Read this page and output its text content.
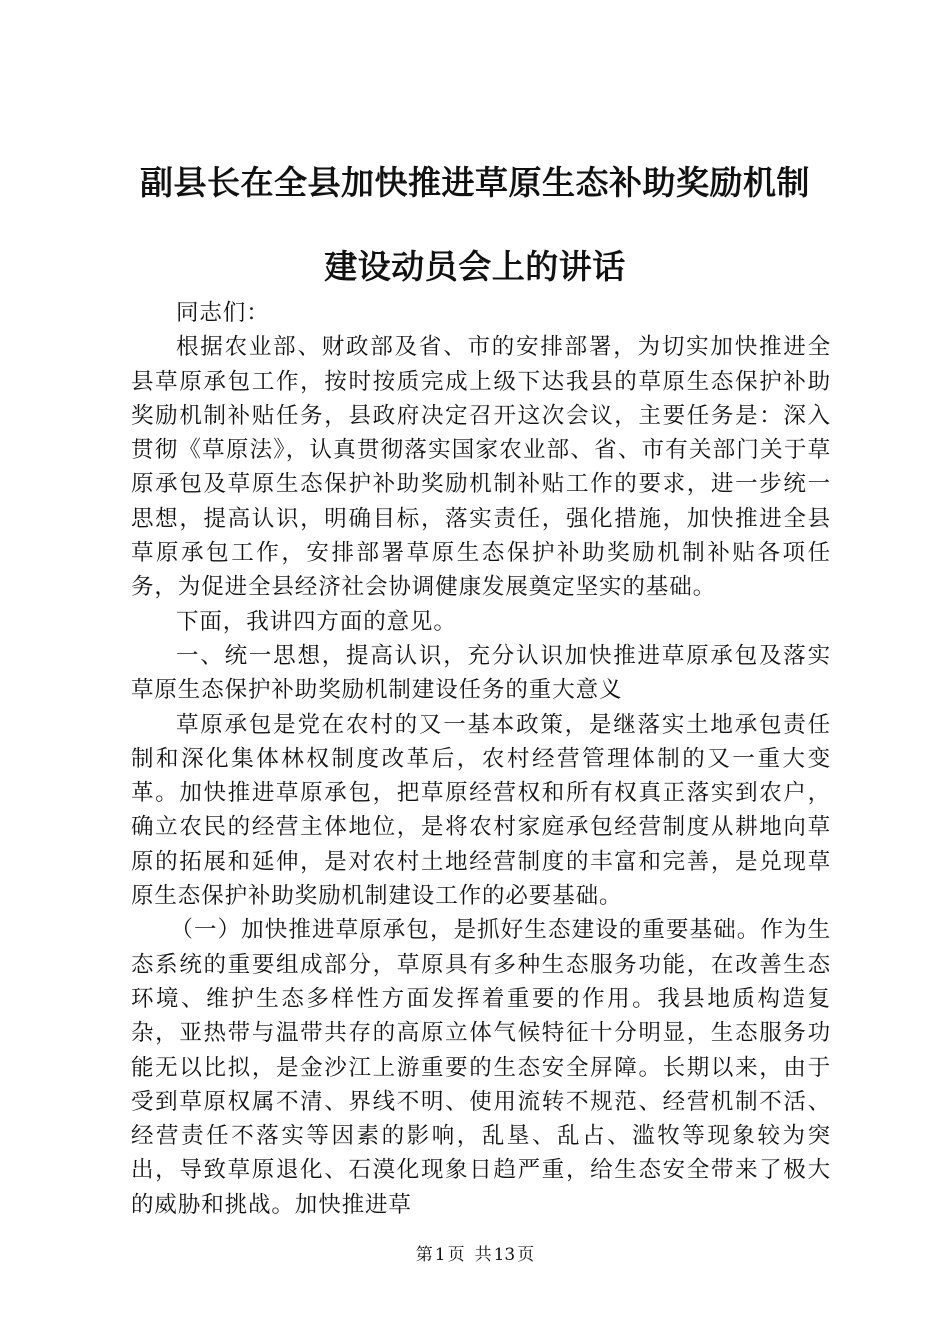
副县长在全县加快推进草原生态补助奖励机制
建设动员会上的讲话

同志们：

根据农业部、财政部及省、市的安排部署，为切实加快推进全县草原承包工作，按时按质完成上级下达我县的草原生态保护补助奖励机制补贴任务，县政府决定召开这次会议，主要任务是：深入贯彻《草原法》，认真贯彻落实国家农业部、省、市有关部门关于草原承包及草原生态保护补助奖励机制补贴工作的要求，进一步统一思想，提高认识，明确目标，落实责任，强化措施，加快推进全县草原承包工作，安排部署草原生态保护补助奖励机制补贴各项任务，为促进全县经济社会协调健康发展奠定坚实的基础。

下面，我讲四方面的意见。

一、统一思想，提高认识，充分认识加快推进草原承包及落实草原生态保护补助奖励机制建设任务的重大意义

草原承包是党在农村的又一基本政策，是继落实土地承包责任制和深化集体林权制度改革后，农村经营管理体制的又一重大变革。加快推进草原承包，把草原经营权和所有权真正落实到农户，确立农民的经营主体地位，是将农村家庭承包经营制度从耕地向草原的拓展和延伸，是对农村土地经营制度的丰富和完善，是兑现草原生态保护补助奖励机制建设工作的必要基础。

（一）加快推进草原承包，是抓好生态建设的重要基础。作为生态系统的重要组成部分，草原具有多种生态服务功能，在改善生态环境、维护生态多样性方面发挥着重要的作用。我县地质构造复杂，亚热带与温带共存的高原立体气候特征十分明显，生态服务功能无以比拟，是金沙江上游重要的生态安全屏障。长期以来，由于受到草原权属不清、界线不明、使用流转不规范、经营机制不活、经营责任不落实等因素的影响，乱垦、乱占、滥牧等现象较为突出，导致草原退化、石漠化现象日趋严重，给生态安全带来了极大的威胁和挑战。加快推进草

第 1 页 共 13 页
